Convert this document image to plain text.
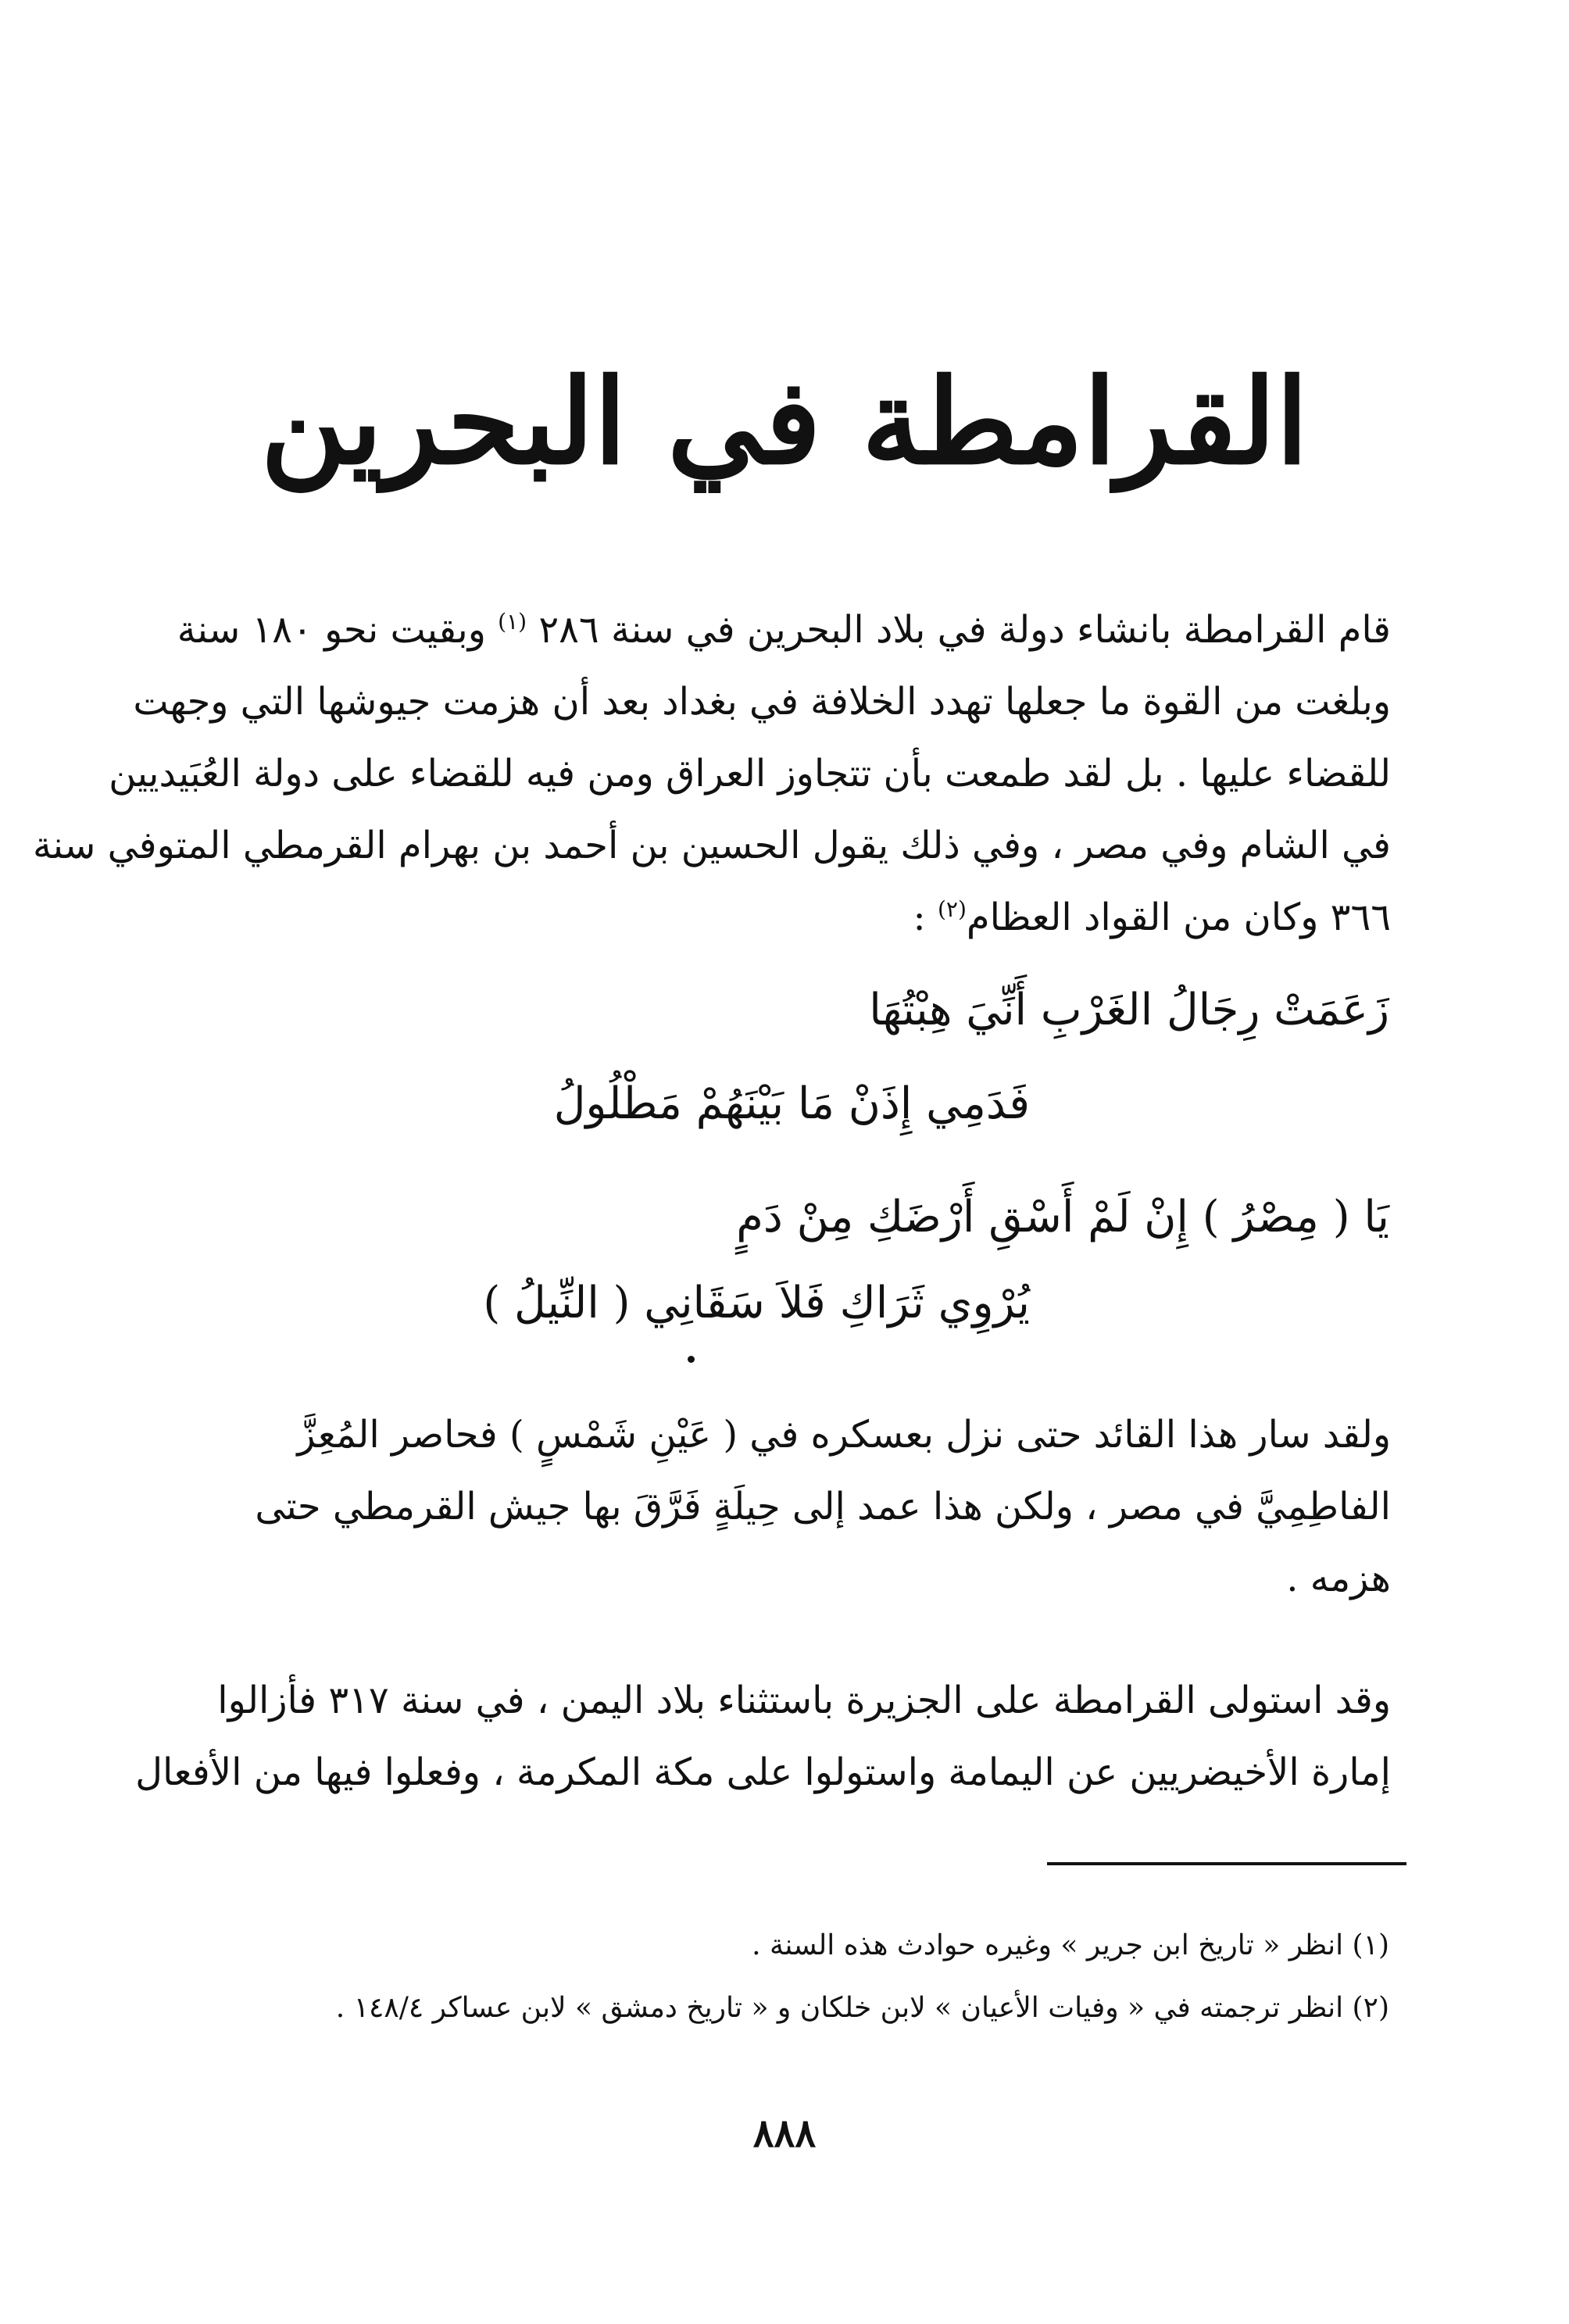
القرامطة في البحرين
قام القرامطة بانشاء دولة في بلاد البحرين في سنة ٢٨٦ $^{(١)}$ وبقيت نحو ١٨٠ سنة
وبلغت من القوة ما جعلها تهدد الخلافة في بغداد بعد أن هزمت جيوشها التي وجهت
للقضاء عليها . بل لقد طمعت بأن تتجاوز العراق ومن فيه للقضاء على دولة العُبَيديين
في الشام وفي مصر ، وفي ذلك يقول الحسين بن أحمد بن بهرام القرمطي المتوفي سنة
٣٦٦ وكان من القواد العظام$^{(٢)}$ :
زَعَمَتْ رِجَالُ الغَرْبِ أَنِّيَ هِبْتُهَا
فَدَمِي إِذَنْ مَا بَيْنَهُمْ مَطْلُولُ
يَا ( مِصْرُ ) إِنْ لَمْ أَسْقِ أَرْضَكِ مِنْ دَمٍ
يُرْوِي ثَرَاكِ فَلاَ سَقَانِي ( النِّيلُ )
ولقد سار هذا القائد حتى نزل بعسكره في ( عَيْنِ شَمْسٍ ) فحاصر المُعِزَّ
الفاطِمِيَّ في مصر ، ولكن هذا عمد إلى حِيلَةٍ فَرَّقَ بها جيش القرمطي حتى
هزمه .
وقد استولى القرامطة على الجزيرة باستثناء بلاد اليمن ، في سنة ٣١٧ فأزالوا
إمارة الأخيضريين عن اليمامة واستولوا على مكة المكرمة ، وفعلوا فيها من الأفعال
(١) انظر « تاريخ ابن جرير » وغيره حوادث هذه السنة .
(٢) انظر ترجمته في « وفيات الأعيان » لابن خلكان و « تاريخ دمشق » لابن عساكر ١٤٨/٤ .
٨٨٨
